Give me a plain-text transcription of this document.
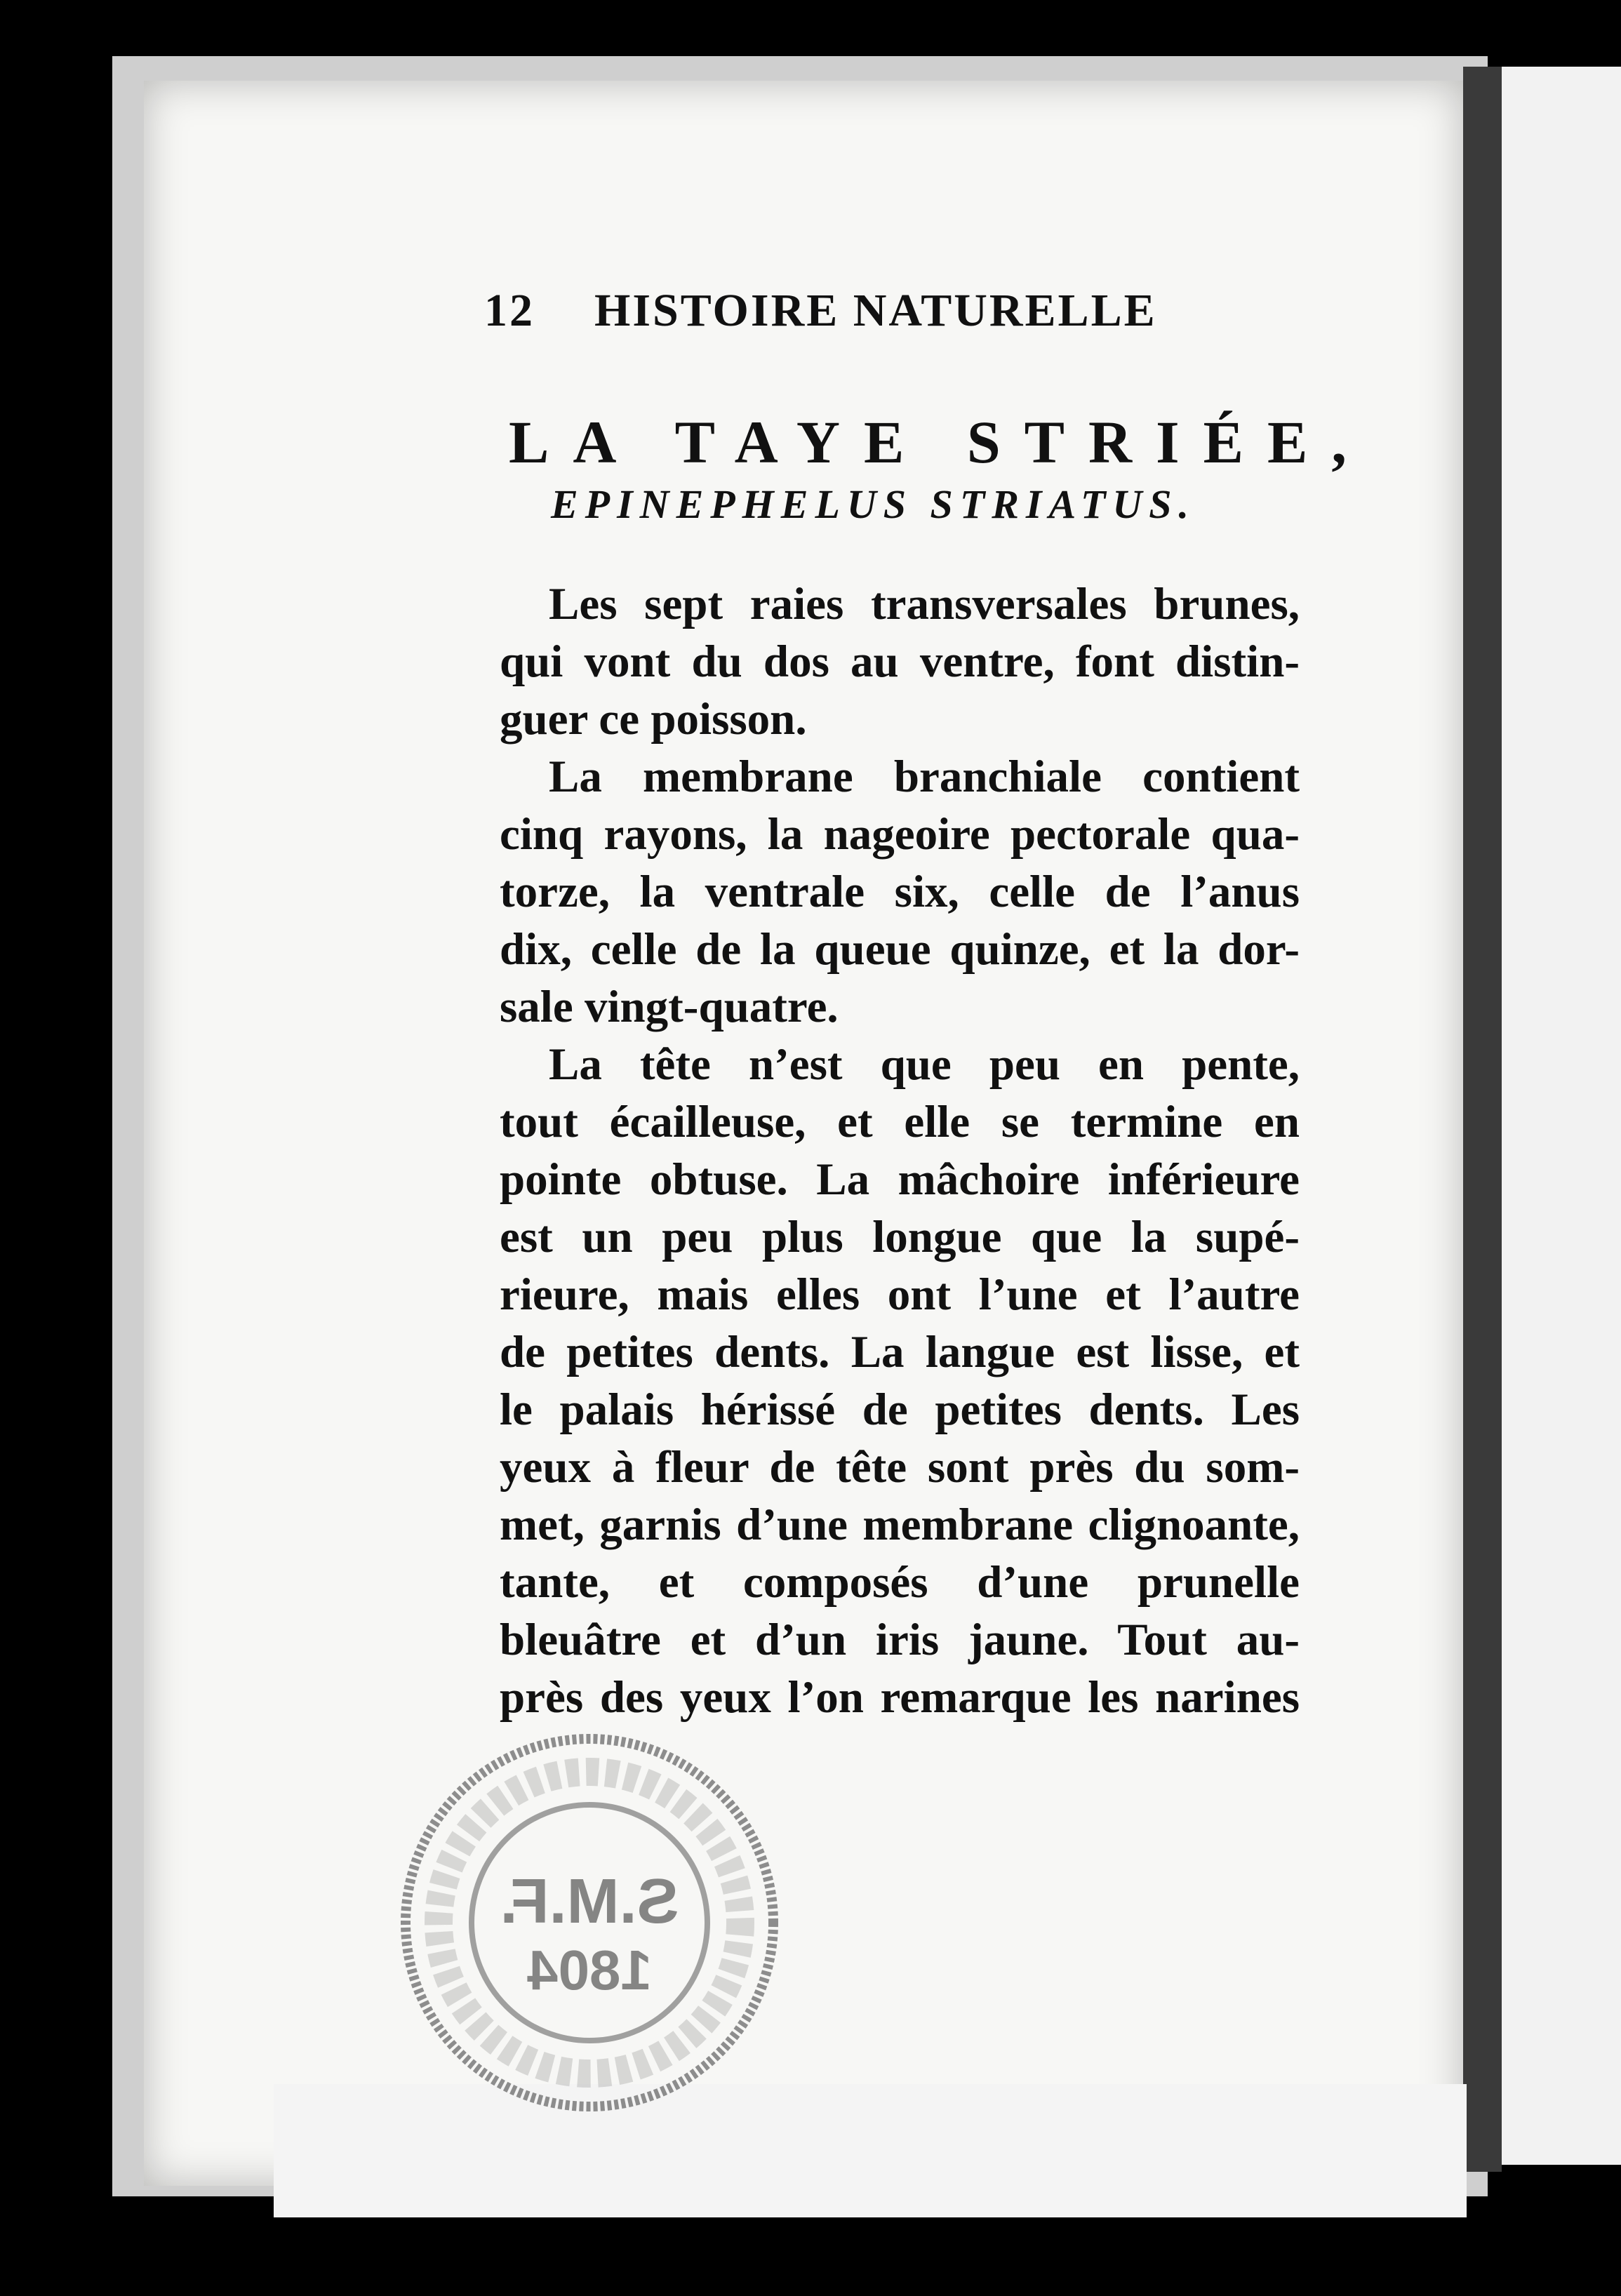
12 HISTOIRE NATURELLE
LA TAYE STRIÉE,
EPINEPHELUS STRIATUS.
Les sept raies transversales brunes,
qui vont du dos au ventre, font distin-
guer ce poisson.
La membrane branchiale contient
cinq rayons, la nageoire pectorale qua-
torze, la ventrale six, celle de l’anus
dix, celle de la queue quinze, et la dor-
sale vingt-quatre.
La tête n’est que peu en pente,
tout écailleuse, et elle se termine en
pointe obtuse. La mâchoire inférieure
est un peu plus longue que la supé-
rieure, mais elles ont l’une et l’autre
de petites dents. La langue est lisse, et
le palais hérissé de petites dents. Les
yeux à fleur de tête sont près du som-
met, garnis d’une membrane clignoante,
tante, et composés d’une prunelle
bleuâtre et d’un iris jaune. Tout au-
près des yeux l’on remarque les narines
S.M.F.
1804
